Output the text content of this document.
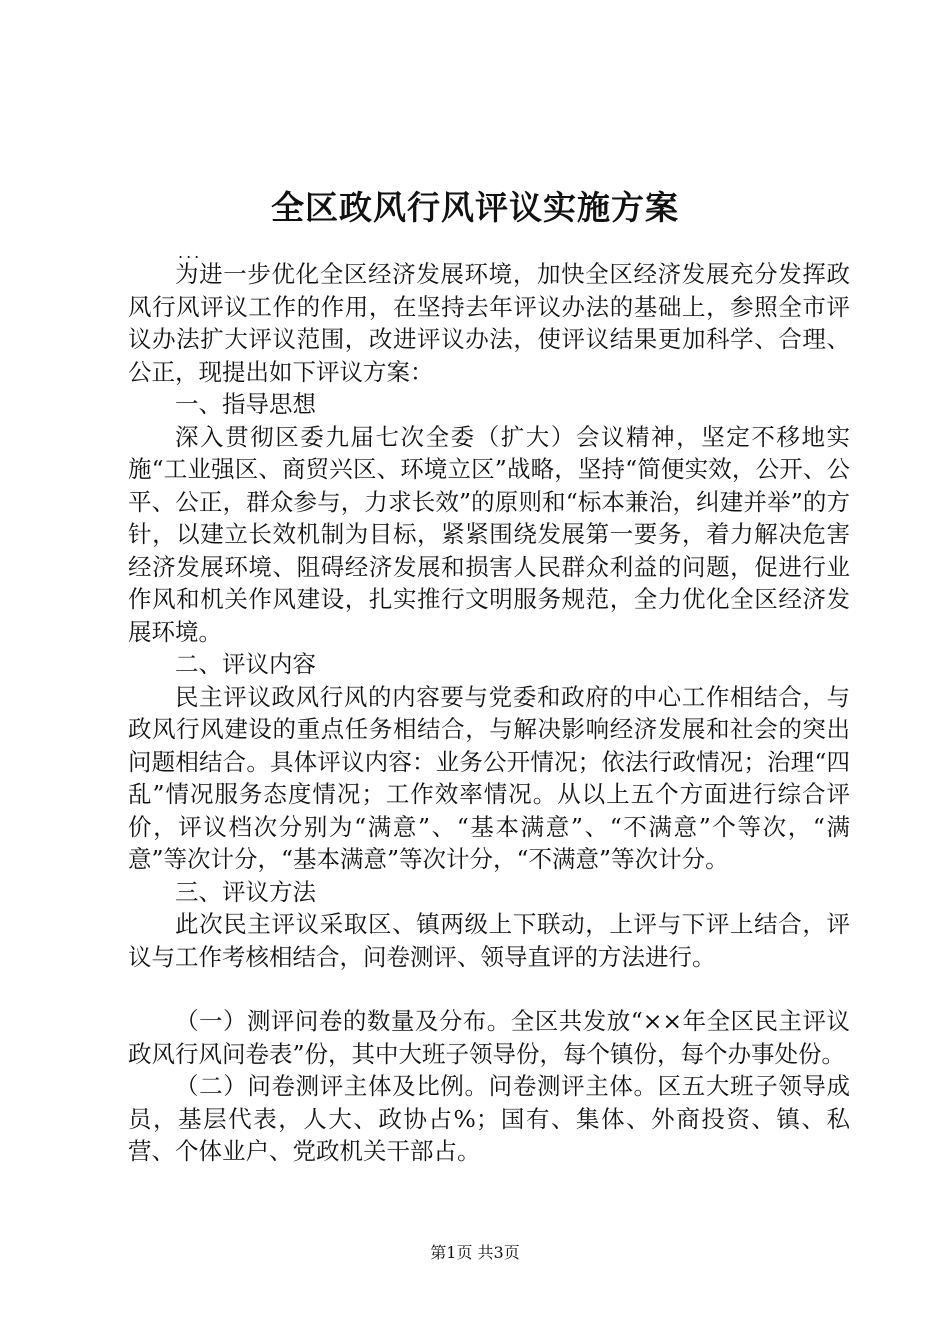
全区政风行风评议实施方案
...

为进一步优化全区经济发展环境，加快全区经济发展充分发挥政风行风评议工作的作用，在坚持去年评议办法的基础上，参照全市评议办法扩大评议范围，改进评议办法，使评议结果更加科学、合理、公正，现提出如下评议方案：

一、指导思想

深入贯彻区委九届七次全委（扩大）会议精神，坚定不移地实施“工业强区、商贸兴区、环境立区”战略，坚持“简便实效，公开、公平、公正，群众参与，力求长效”的原则和“标本兼治，纠建并举”的方针，以建立长效机制为目标，紧紧围绕发展第一要务，着力解决危害经济发展环境、阻碍经济发展和损害人民群众利益的问题，促进行业作风和机关作风建设，扎实推行文明服务规范，全力优化全区经济发展环境。

二、评议内容

民主评议政风行风的内容要与党委和政府的中心工作相结合，与政风行风建设的重点任务相结合，与解决影响经济发展和社会的突出问题相结合。具体评议内容：业务公开情况；依法行政情况；治理“四乱”情况服务态度情况；工作效率情况。从以上五个方面进行综合评价，评议档次分别为“满意”、“基本满意”、“不满意”个等次，“满意”等次计分，“基本满意”等次计分，“不满意”等次计分。

三、评议方法

此次民主评议采取区、镇两级上下联动，上评与下评上结合，评议与工作考核相结合，问卷测评、领导直评的方法进行。

（一）测评问卷的数量及分布。全区共发放“××年全区民主评议政风行风问卷表”份，其中大班子领导份，每个镇份，每个办事处份。

（二）问卷测评主体及比例。问卷测评主体。区五大班子领导成员，基层代表，人大、政协占%；国有、集体、外商投资、镇、私营、个体业户、党政机关干部占。

第1页 共3页
